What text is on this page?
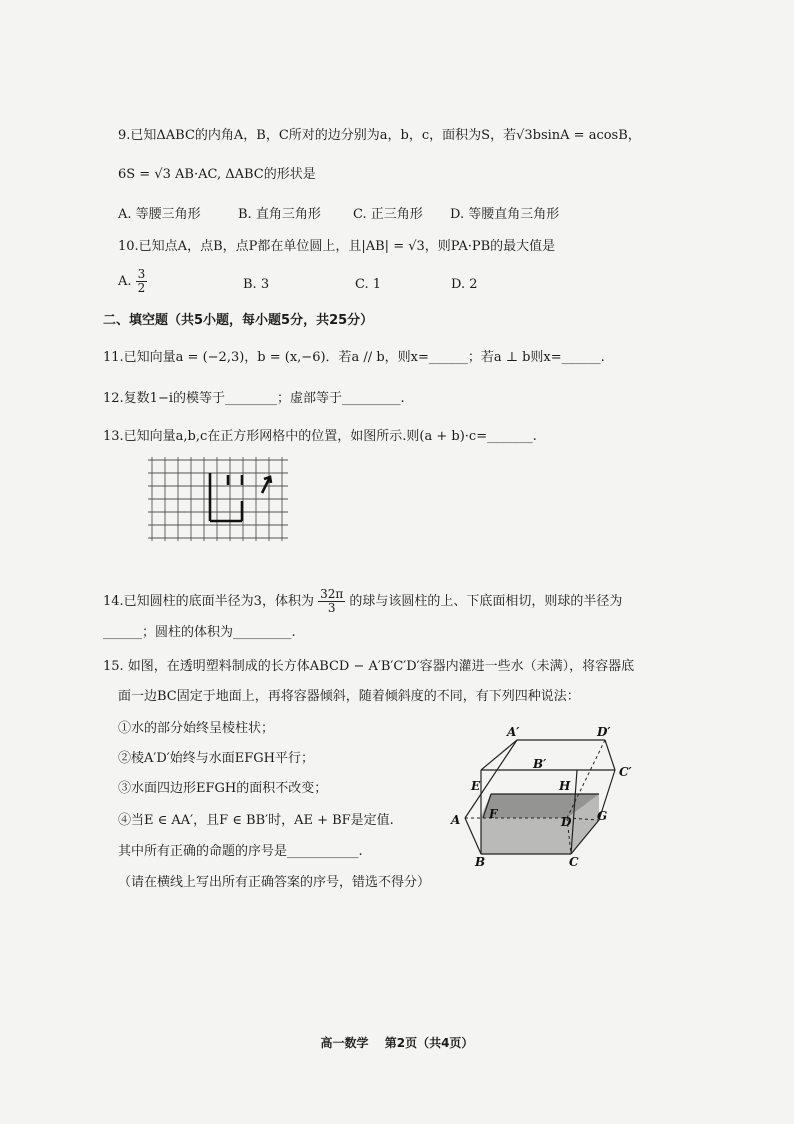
9.已知ΔABC的内角A，B，C所对的边分别为a，b，c，面积为S，若√3bsinA = acosB，
6S = √3 AB·AC, ΔABC的形状是
A. 等腰三角形	B. 直角三角形 C. 正三角形 D. 等腰直角三角形
10.已知点A，点B，点P都在单位圆上，且|AB| = √3，则PA·PB的最大值是
A. $\frac{3}{2}$	B. 3	C. 1	D. 2
二、填空题（共5小题，每小题5分，共25分）
11.已知向量a = (−2,3)，b = (x,−6)．若a // b，则x=______；若a ⊥ b则x=______.
12.复数1−i的模等于________；虚部等于_________.
13.已知向量a,b,c在正方形网格中的位置，如图所示.则(a + b)·c=_______.
14.已知圆柱的底面半径为3，体积为 $\frac{32\pi}{3}$ 的球与该圆柱的上、下底面相切，则球的半径为
______；圆柱的体积为_________.
15. 如图，在透明塑料制成的长方体ABCD − A′B′C′D′容器内灌进一些水（未满），将容器底
面一边BC固定于地面上，再将容器倾斜，随着倾斜度的不同，有下列四种说法：
①水的部分始终呈棱柱状；
②棱A′D′始终与水面EFGH平行；
③水面四边形EFGH的面积不改变；
④当E ∈ AA′，且F ∈ BB′时，AE + BF是定值.
其中所有正确的命题的序号是___________.
（请在横线上写出所有正确答案的序号，错选不得分）
A′	D′
B′
C′
E	H
A F
D G
B	C
高一数学　 第2页（共4页）
